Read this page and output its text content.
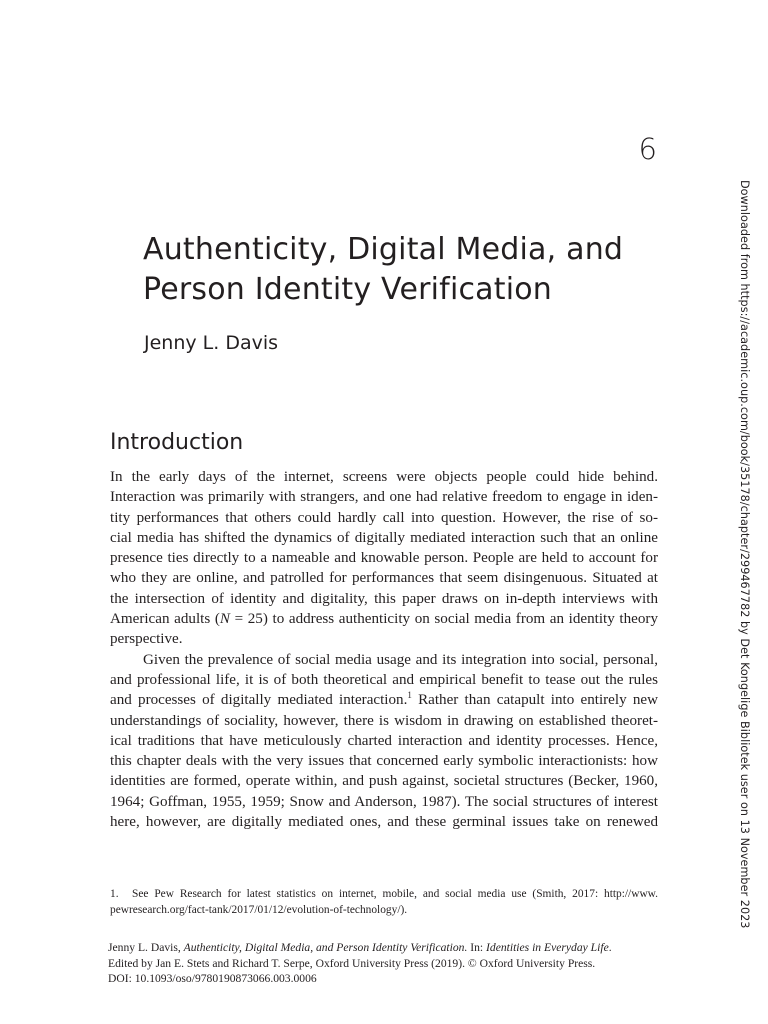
6
Authenticity, Digital Media, and
Person Identity Verification
Jenny L. Davis
Introduction
In the early days of the internet, screens were objects people could hide behind.
Interaction was primarily with strangers, and one had relative freedom to engage in iden-
tity performances that others could hardly call into question. However, the rise of so-
cial media has shifted the dynamics of digitally mediated interaction such that an online
presence ties directly to a nameable and knowable person. People are held to account for
who they are online, and patrolled for performances that seem disingenuous. Situated at
the intersection of identity and digitality, this paper draws on in-depth interviews with
American adults (N = 25) to address authenticity on social media from an identity theory
perspective.
Given the prevalence of social media usage and its integration into social, personal,
and professional life, it is of both theoretical and empirical benefit to tease out the rules
and processes of digitally mediated interaction.$^1$ Rather than catapult into entirely new
understandings of sociality, however, there is wisdom in drawing on established theoret-
ical traditions that have meticulously charted interaction and identity processes. Hence,
this chapter deals with the very issues that concerned early symbolic interactionists: how
identities are formed, operate within, and push against, societal structures (Becker, 1960,
1964; Goffman, 1955, 1959; Snow and Anderson, 1987). The social structures of interest
here, however, are digitally mediated ones, and these germinal issues take on renewed
1. See Pew Research for latest statistics on internet, mobile, and social media use (Smith, 2017: http://www.
pewresearch.org/fact-tank/2017/01/12/evolution-of-technology/).
Jenny L. Davis, Authenticity, Digital Media, and Person Identity Verification. In: Identities in Everyday Life.
Edited by Jan E. Stets and Richard T. Serpe, Oxford University Press (2019). © Oxford University Press.
DOI: 10.1093/oso/9780190873066.003.0006
Downloaded from https://academic.oup.com/book/35178/chapter/299467782 by Det Kongelige Bibliotek user on 13 November 2023
